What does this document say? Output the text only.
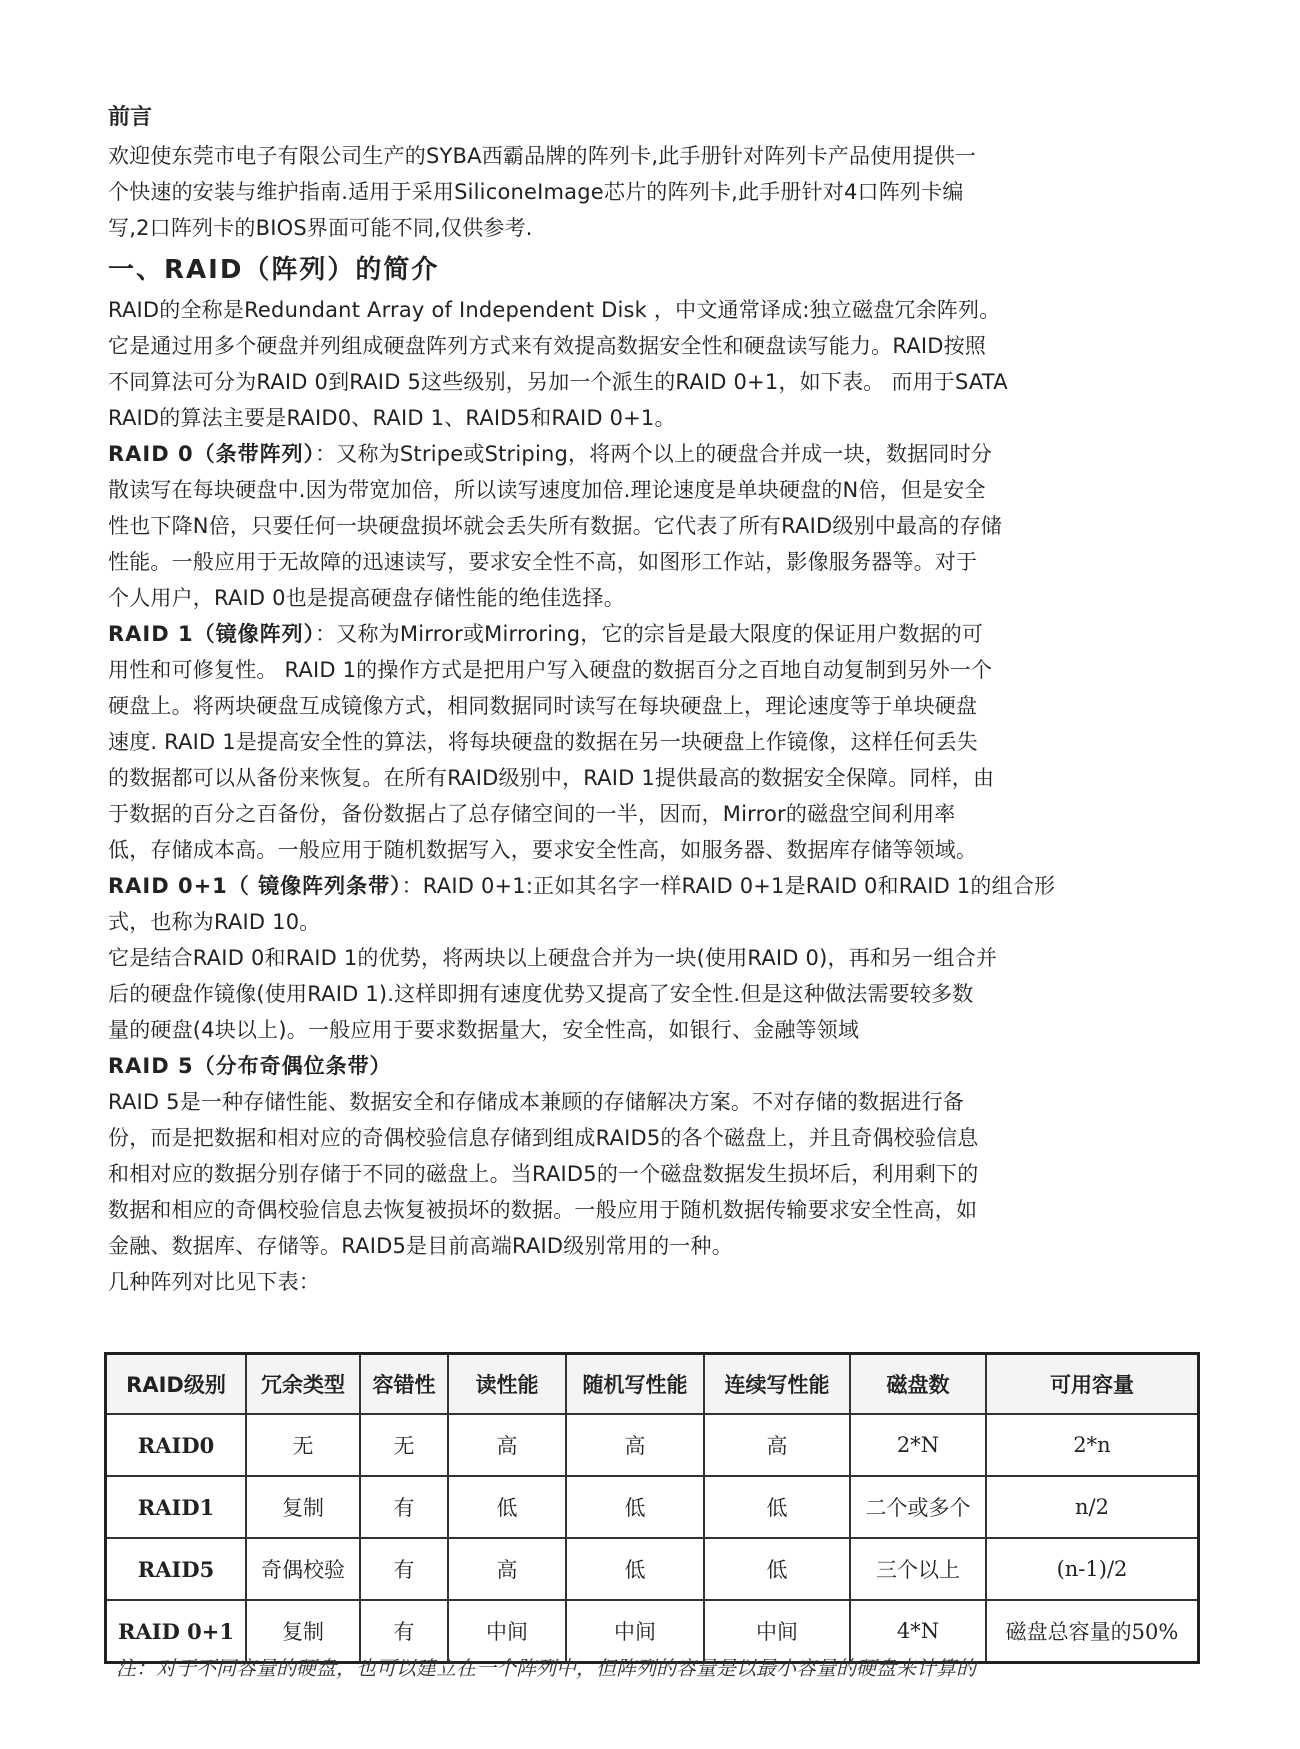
前言

欢迎使东莞市电子有限公司生产的SYBA西霸品牌的阵列卡,此手册针对阵列卡产品使用提供一

个快速的安装与维护指南.适用于采用SiliconeImage芯片的阵列卡,此手册针对4口阵列卡编

写,2口阵列卡的BIOS界面可能不同,仅供参考.

一、RAID（阵列）的简介

RAID的全称是Redundant Array of Independent Disk ，中文通常译成:独立磁盘冗余阵列。

它是通过用多个硬盘并列组成硬盘阵列方式来有效提高数据安全性和硬盘读写能力。RAID按照

不同算法可分为RAID 0到RAID 5这些级别，另加一个派生的RAID 0+1，如下表。 而用于SATA

RAID的算法主要是RAID0、RAID 1、RAID5和RAID 0+1。

RAID 0（条带阵列）：又称为Stripe或Striping，将两个以上的硬盘合并成一块，数据同时分

散读写在每块硬盘中.因为带宽加倍，所以读写速度加倍.理论速度是单块硬盘的N倍，但是安全

性也下降N倍，只要任何一块硬盘损坏就会丢失所有数据。它代表了所有RAID级别中最高的存储

性能。一般应用于无故障的迅速读写，要求安全性不高，如图形工作站，影像服务器等。对于

个人用户，RAID 0也是提高硬盘存储性能的绝佳选择。

RAID 1（镜像阵列）：又称为Mirror或Mirroring，它的宗旨是最大限度的保证用户数据的可

用性和可修复性。 RAID 1的操作方式是把用户写入硬盘的数据百分之百地自动复制到另外一个

硬盘上。将两块硬盘互成镜像方式，相同数据同时读写在每块硬盘上，理论速度等于单块硬盘

速度. RAID 1是提高安全性的算法，将每块硬盘的数据在另一块硬盘上作镜像，这样任何丢失

的数据都可以从备份来恢复。在所有RAID级别中，RAID 1提供最高的数据安全保障。同样，由

于数据的百分之百备份，备份数据占了总存储空间的一半，因而，Mirror的磁盘空间利用率

低，存储成本高。一般应用于随机数据写入，要求安全性高，如服务器、数据库存储等领域。

RAID 0+1（ 镜像阵列条带）：RAID 0+1:正如其名字一样RAID 0+1是RAID 0和RAID 1的组合形

式，也称为RAID 10。

它是结合RAID 0和RAID 1的优势，将两块以上硬盘合并为一块(使用RAID 0)，再和另一组合并

后的硬盘作镜像(使用RAID 1).这样即拥有速度优势又提高了安全性.但是这种做法需要较多数

量的硬盘(4块以上)。一般应用于要求数据量大，安全性高，如银行、金融等领域

RAID 5（分布奇偶位条带）

RAID 5是一种存储性能、数据安全和存储成本兼顾的存储解决方案。不对存储的数据进行备

份，而是把数据和相对应的奇偶校验信息存储到组成RAID5的各个磁盘上，并且奇偶校验信息

和相对应的数据分别存储于不同的磁盘上。当RAID5的一个磁盘数据发生损坏后，利用剩下的

数据和相应的奇偶校验信息去恢复被损坏的数据。一般应用于随机数据传输要求安全性高，如

金融、数据库、存储等。RAID5是目前高端RAID级别常用的一种。

几种阵列对比见下表：

RAID级别	冗余类型	容错性	读性能	随机写性能	连续写性能	磁盘数	可用容量
RAID0	无	无	高	高	高	2*N	2*n
RAID1	复制	有	低	低	低	二个或多个	n/2
RAID5	奇偶校验	有	高	低	低	三个以上	(n-1)/2
RAID 0+1	复制	有	中间	中间	中间	4*N	磁盘总容量的50%
注：对于不同容量的硬盘，也可以建立在一个阵列中，但阵列的容量是以最小容量的硬盘来计算的
